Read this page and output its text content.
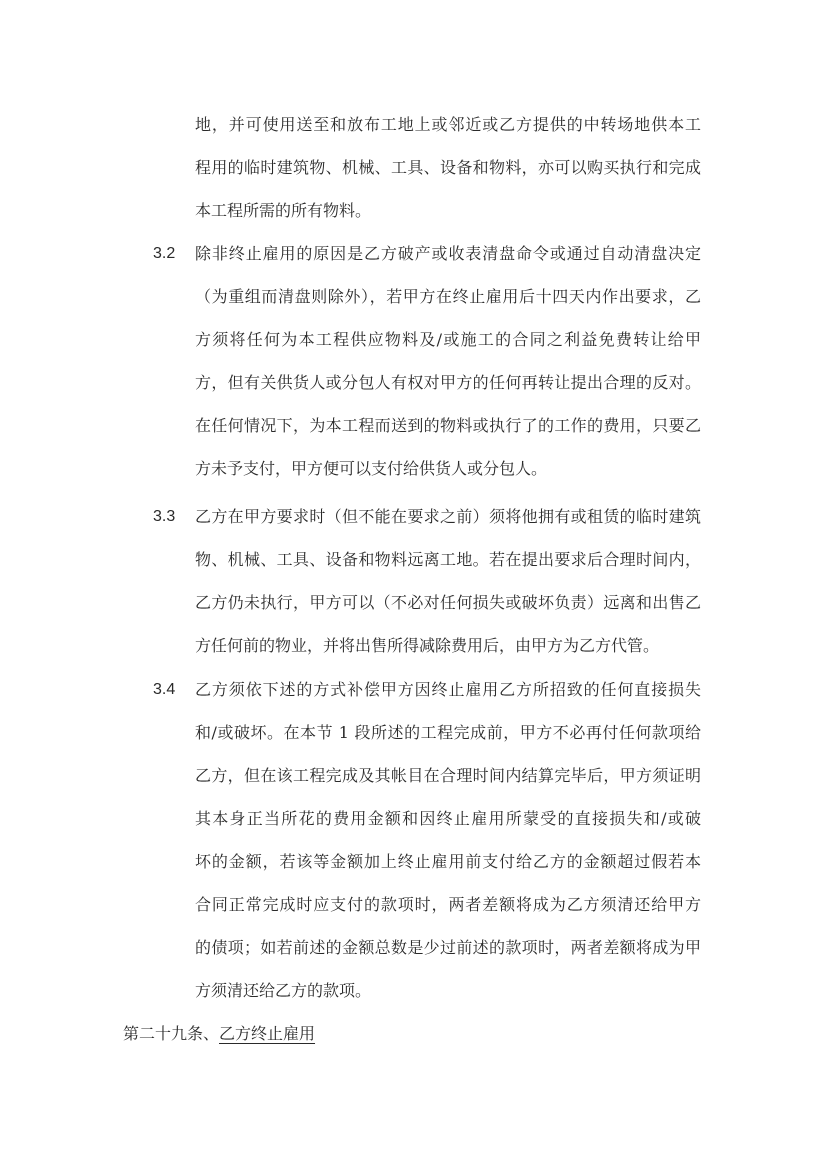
地，并可使用送至和放布工地上或邻近或乙方提供的中转场地供本工
程用的临时建筑物、机械、工具、设备和物料，亦可以购买执行和完成
本工程所需的所有物料。
3.2 除非终止雇用的原因是乙方破产或收表清盘命令或通过自动清盘决定
（为重组而清盘则除外），若甲方在终止雇用后十四天内作出要求，乙
方须将任何为本工程供应物料及/或施工的合同之利益免费转让给甲
方，但有关供货人或分包人有权对甲方的任何再转让提出合理的反对。
在任何情况下，为本工程而送到的物料或执行了的工作的费用，只要乙
方未予支付，甲方便可以支付给供货人或分包人。
3.3 乙方在甲方要求时（但不能在要求之前）须将他拥有或租赁的临时建筑
物、机械、工具、设备和物料远离工地。若在提出要求后合理时间内，
乙方仍未执行，甲方可以（不必对任何损失或破坏负责）远离和出售乙
方任何前的物业，并将出售所得减除费用后，由甲方为乙方代管。
3.4 乙方须依下述的方式补偿甲方因终止雇用乙方所招致的任何直接损失
和/或破坏。在本节 1 段所述的工程完成前，甲方不必再付任何款项给
乙方，但在该工程完成及其帐目在合理时间内结算完毕后，甲方须证明
其本身正当所花的费用金额和因终止雇用所蒙受的直接损失和/或破
坏的金额，若该等金额加上终止雇用前支付给乙方的金额超过假若本
合同正常完成时应支付的款项时，两者差额将成为乙方须清还给甲方
的债项；如若前述的金额总数是少过前述的款项时，两者差额将成为甲
方须清还给乙方的款项。
第二十九条、乙方终止雇用
